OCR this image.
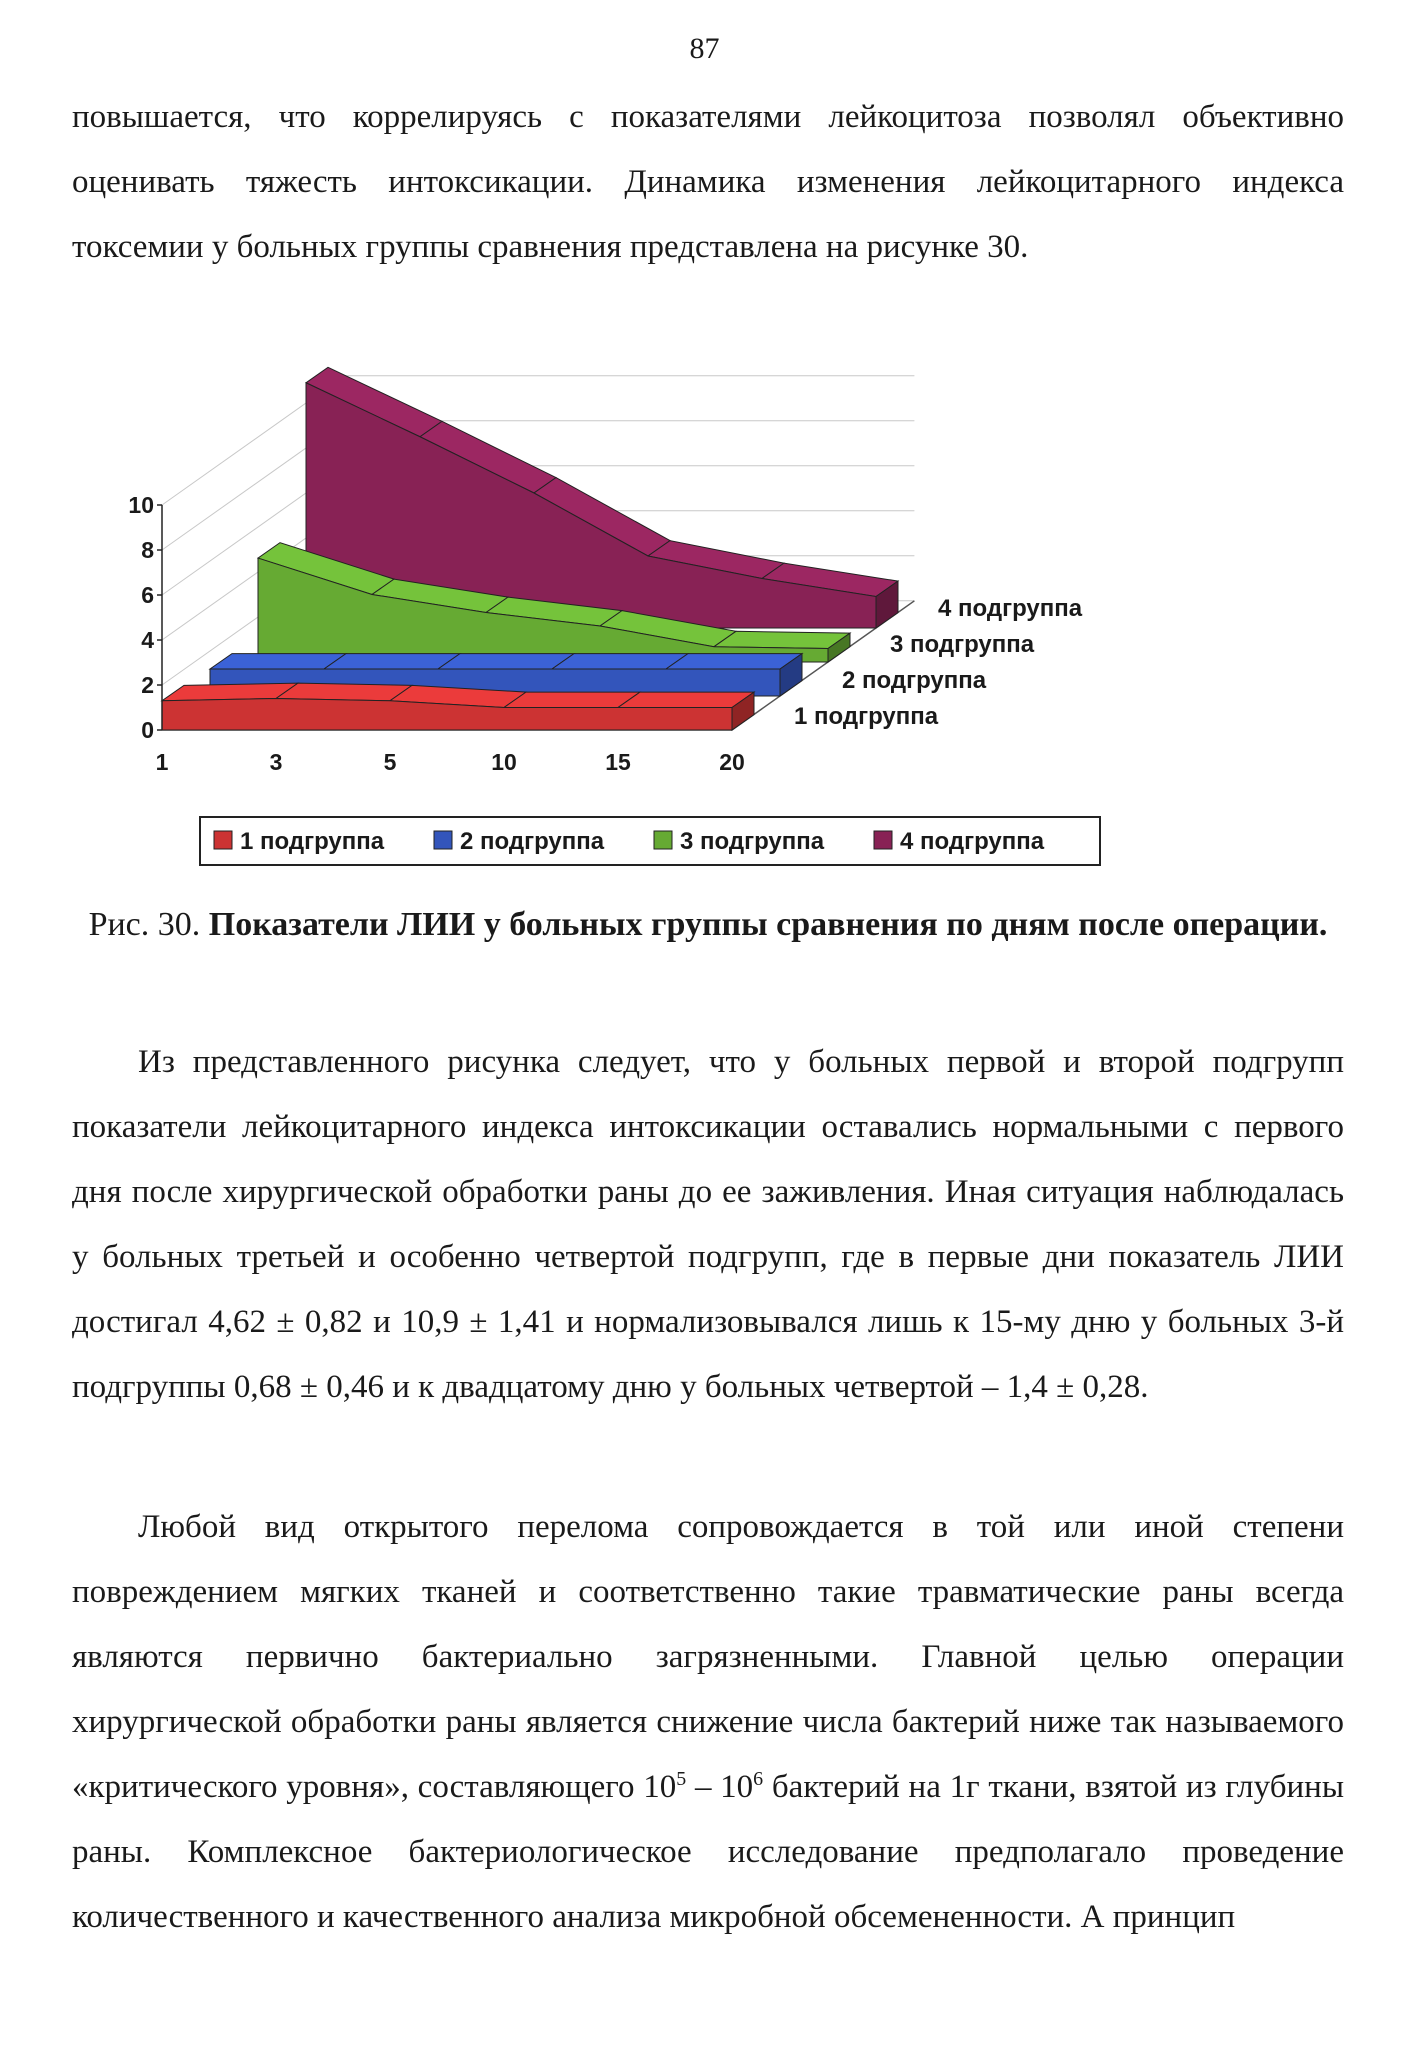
87

повышается, что коррелируясь с показателями лейкоцитоза позволял объективно оценивать тяжесть интоксикации. Динамика изменения лейкоцитарного индекса токсемии у больных группы сравнения представлена на рисунке 30.

4 подгруппа
3 подгруппа
2 подгруппа
1 подгруппа
0
2
4
6
8
10
1	3	5	10	15	20
1 подгруппа	2 подгруппа	3 подгруппа	4 подгруппа
Рис. 30. Показатели ЛИИ у больных группы сравнения по дням после операции.

Из представленного рисунка следует, что у больных первой и второй подгрупп показатели лейкоцитарного индекса интоксикации оставались нормальными с первого дня после хирургической обработки раны до ее заживления. Иная ситуация наблюдалась у больных третьей и особенно четвертой подгрупп, где в первые дни показатель ЛИИ достигал 4,62 ± 0,82 и 10,9 ± 1,41 и нормализовывался лишь к 15-му дню у больных 3-й подгруппы 0,68 ± 0,46 и к двадцатому дню у больных четвертой – 1,4 ± 0,28.

Любой вид открытого перелома сопровождается в той или иной степени повреждением мягких тканей и соответственно такие травматические раны всегда являются первично бактериально загрязненными. Главной целью операции хирургической обработки раны является снижение числа бактерий ниже так называемого «критического уровня», составляющего $10^5 - 10^6$ бактерий на 1г ткани, взятой из глубины раны. Комплексное бактериологическое исследование предполагало проведение количественного и качественного анализа микробной обсемененности. А принцип
